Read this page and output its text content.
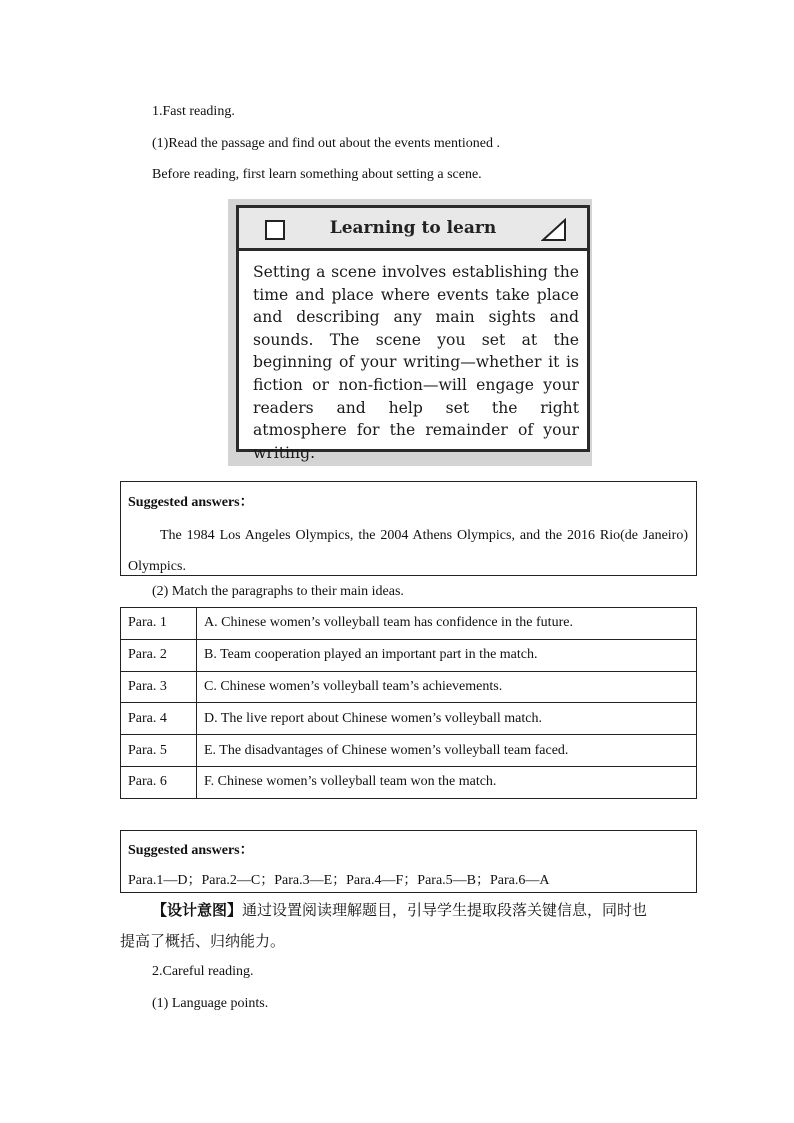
1.Fast reading.
(1)Read the passage and find out about the events mentioned .
Before reading, first learn something about setting a scene.
Learning to learn

Setting a scene involves establishing the time and place where events take place and describing any main sights and sounds. The scene you set at the beginning of your writing—whether it is fiction or non-fiction—will engage your readers and help set the right atmosphere for the remainder of your writing.

Suggested answers：
The 1984 Los Angeles Olympics, the 2004 Athens Olympics, and the 2016 Rio(de Janeiro) Olympics.
(2) Match the paragraphs to their main ideas.
Para. 1	A. Chinese women’s volleyball team has confidence in the future.
Para. 2	B. Team cooperation played an important part in the match.
Para. 3	C. Chinese women’s volleyball team’s achievements.
Para. 4	D. The live report about Chinese women’s volleyball match.
Para. 5	E. The disadvantages of Chinese women’s volleyball team faced.
Para. 6	F. Chinese women’s volleyball team won the match.
Suggested answers：
Para.1—D；Para.2—C；Para.3—E；Para.4—F；Para.5—B；Para.6—A
【设计意图】通过设置阅读理解题目，引导学生提取段落关键信息，同时也
提高了概括、归纳能力。
2.Careful reading.
(1) Language points.
